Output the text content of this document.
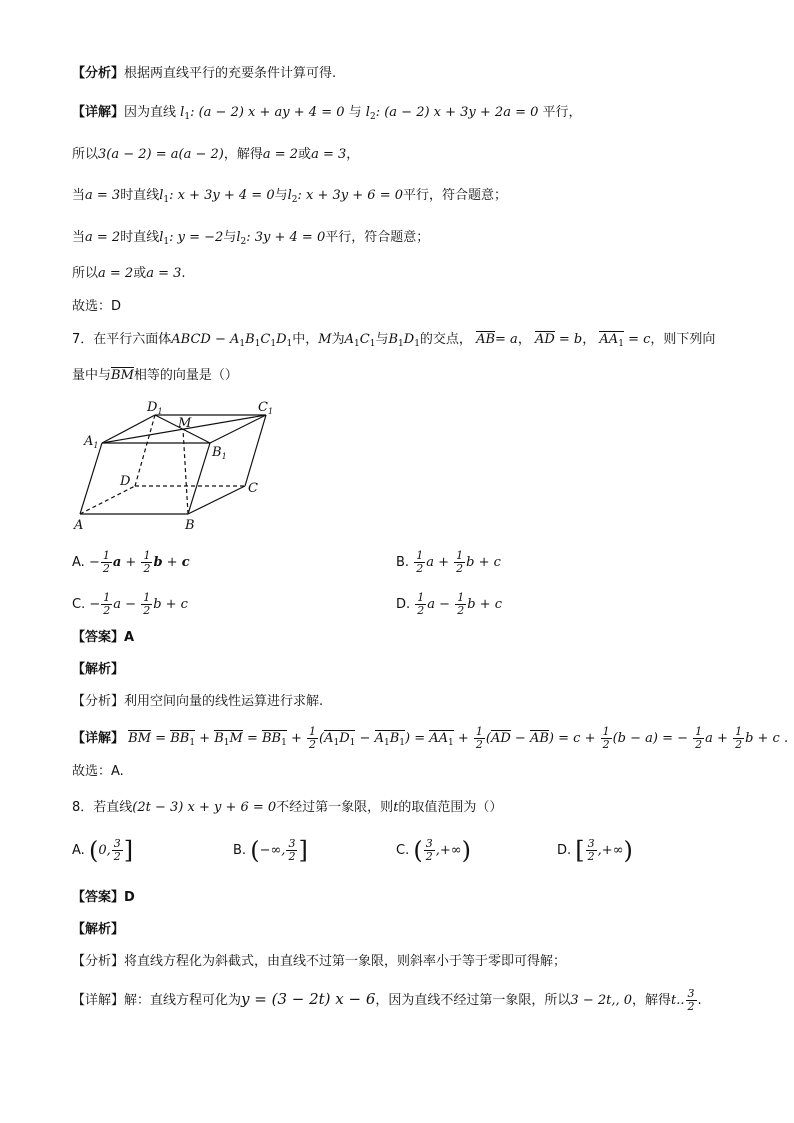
【分析】根据两直线平行的充要条件计算可得.
【详解】因为直线 $l_1$: (a − 2) x + ay + 4 = 0 与 $l_2$: (a − 2) x + 3y + 2a = 0 平行，
所以3(a − 2) = a(a − 2)，解得a = 2或a = 3，
当a = 3时直线$l_1$: x + 3y + 4 = 0与$l_2$: x + 3y + 6 = 0平行，符合题意；
当a = 2时直线$l_1$: y = −2与$l_2$: 3y + 4 = 0平行，符合题意；
所以a = 2或a = 3.
故选：D
7．在平行六面体ABCD − $A_1B_1C_1D_1$中，M为$A_1C_1$与$B_1D_1$的交点， AB= a， AD = b， $AA_1 = c$，则下列向
量中与BM相等的向量是（）
$D_1$	$C_1$
M
$A_1$	$B_1$
D	C
A	B
A. − $\frac{1}{2}$ $a + \frac{1}{2}$ b + c	B. $\frac{1}{2}$ $a + \frac{1}{2}$ b + c
C. − $\frac{1}{2}$ $a - \frac{1}{2}$ b + c	D. $\frac{1}{2}$ $a - \frac{1}{2}$ b + c
【答案】A
【解析】
【分析】利用空间向量的线性运算进行求解.
【详解】 BM = $BB_1 + B_1M = BB_1 + \frac{1}{2} (A_1D_1 - A_1B_1) = AA_1 + \frac{1}{2} (AD - AB) = c + \frac{1}{2} (b - a)$ = − $\frac{1}{2}$ $a + \frac{1}{2}$ b + c .
故选：A.
8．若直线(2t − 3) x + y + 6 = 0不经过第一象限，则t的取值范围为（）
A. (0, $\frac{3}{2}$ ]	B. (−∞, $\frac{3}{2}$ ]	C. ( $\frac{3}{2}$ ,+∞)	D. [ $\frac{3}{2}$ ,+∞)
【答案】D
【解析】
【分析】将直线方程化为斜截式，由直线不过第一象限，则斜率小于等于零即可得解；
【详解】解：直线方程可化为y = (3 − 2t) x − 6，因为直线不经过第一象限，所以3 − 2t,, 0，解得t.. $\frac{3}{2}$ .
